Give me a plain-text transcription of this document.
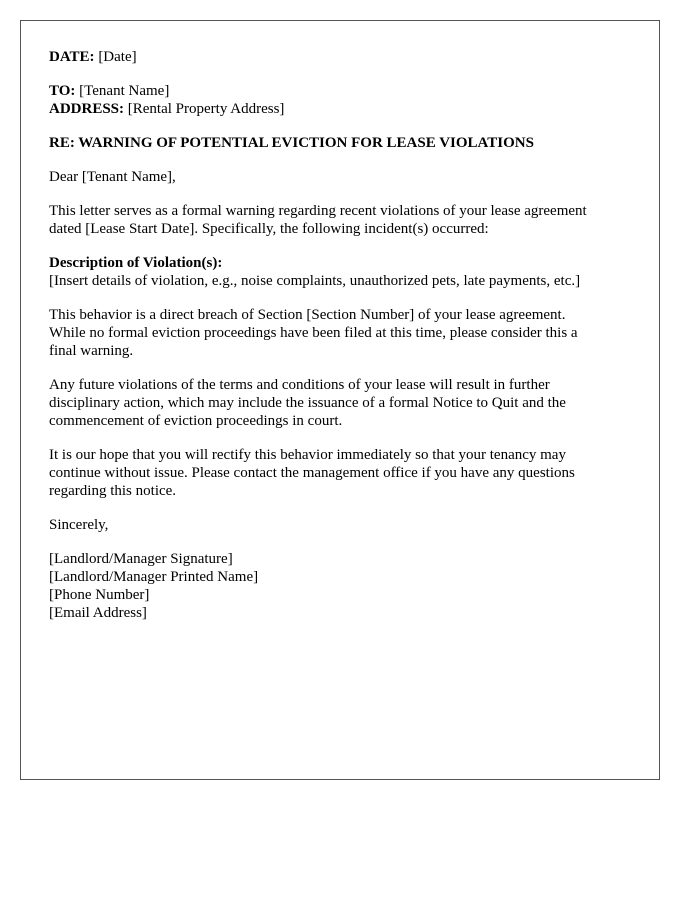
DATE: [Date]
TO: [Tenant Name]
ADDRESS: [Rental Property Address]
RE: WARNING OF POTENTIAL EVICTION FOR LEASE VIOLATIONS
Dear [Tenant Name],
This letter serves as a formal warning regarding recent violations of your lease agreement
dated [Lease Start Date]. Specifically, the following incident(s) occurred:
Description of Violation(s):
[Insert details of violation, e.g., noise complaints, unauthorized pets, late payments, etc.]
This behavior is a direct breach of Section [Section Number] of your lease agreement.
While no formal eviction proceedings have been filed at this time, please consider this a
final warning.
Any future violations of the terms and conditions of your lease will result in further
disciplinary action, which may include the issuance of a formal Notice to Quit and the
commencement of eviction proceedings in court.
It is our hope that you will rectify this behavior immediately so that your tenancy may
continue without issue. Please contact the management office if you have any questions
regarding this notice.
Sincerely,
[Landlord/Manager Signature]
[Landlord/Manager Printed Name]
[Phone Number]
[Email Address]
